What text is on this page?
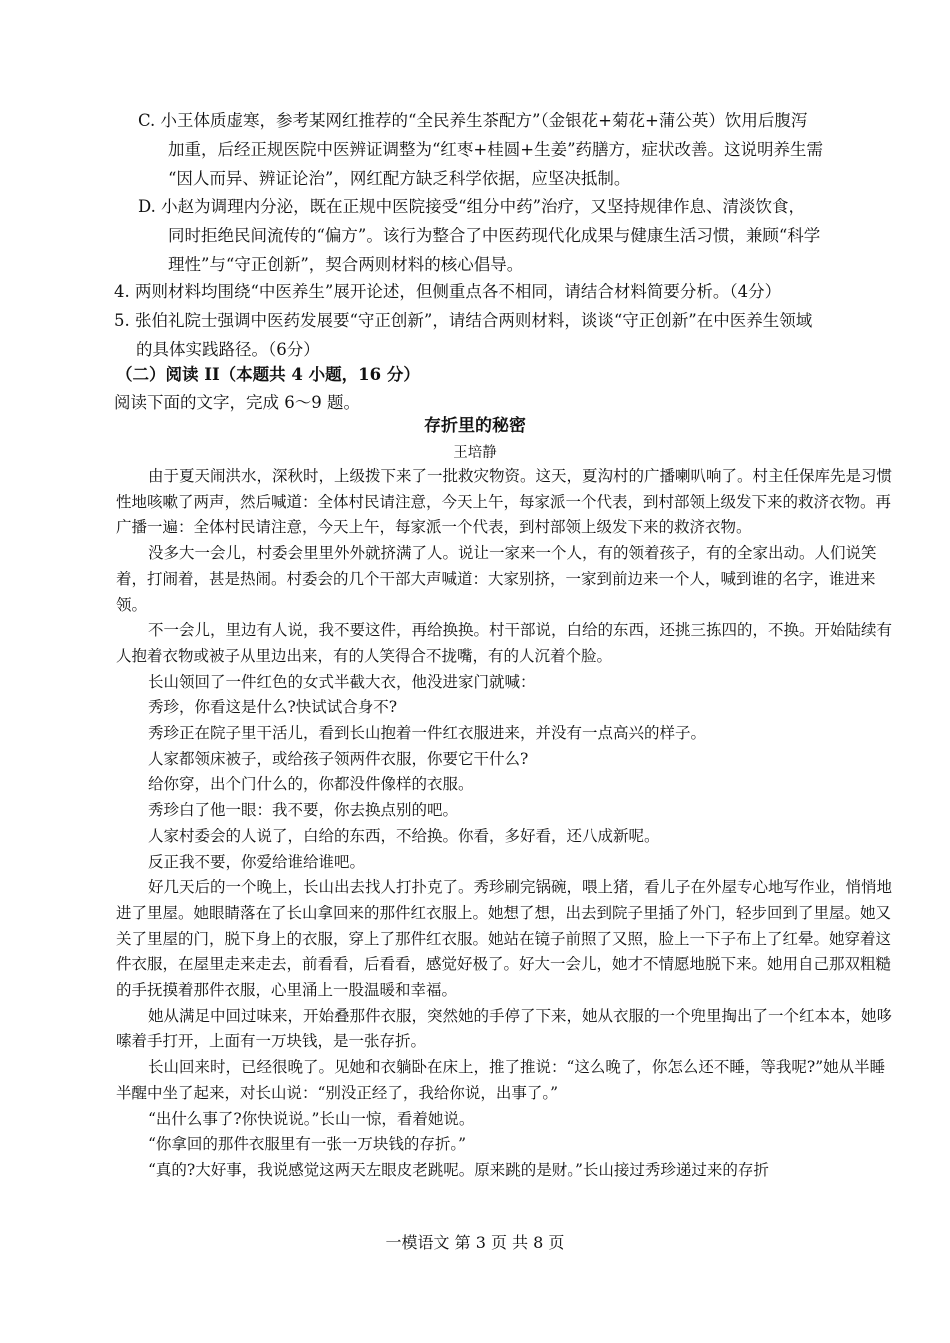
C. 小王体质虚寒，参考某网红推荐的“全民养生茶配方”（金银花+菊花+蒲公英）饮用后腹泻

加重，后经正规医院中医辨证调整为“红枣+桂圆+生姜”药膳方，症状改善。这说明养生需

“因人而异、辨证论治”，网红配方缺乏科学依据，应坚决抵制。

D. 小赵为调理内分泌，既在正规中医院接受“组分中药”治疗，又坚持规律作息、清淡饮食，

同时拒绝民间流传的“偏方”。该行为整合了中医药现代化成果与健康生活习惯，兼顾“科学

理性”与“守正创新”，契合两则材料的核心倡导。

4. 两则材料均围绕“中医养生”展开论述，但侧重点各不相同，请结合材料简要分析。（4分）

5. 张伯礼院士强调中医药发展要“守正创新”，请结合两则材料，谈谈“守正创新”在中医养生领域

的具体实践路径。（6分）

（二）阅读 II（本题共 4 小题，16 分）
阅读下面的文字，完成 6～9 题。
存折里的秘密
王培静

由于夏天闹洪水，深秋时，上级拨下来了一批救灾物资。这天，夏沟村的广播喇叭响了。村主任保库先是习惯性地咳嗽了两声，然后喊道：全体村民请注意，今天上午，每家派一个代表，到村部领上级发下来的救济衣物。再广播一遍：全体村民请注意，今天上午，每家派一个代表，到村部领上级发下来的救济衣物。

没多大一会儿，村委会里里外外就挤满了人。说让一家来一个人，有的领着孩子，有的全家出动。人们说笑着，打闹着，甚是热闹。村委会的几个干部大声喊道：大家别挤，一家到前边来一个人，喊到谁的名字，谁进来领。

不一会儿，里边有人说，我不要这件，再给换换。村干部说，白给的东西，还挑三拣四的，不换。开始陆续有人抱着衣物或被子从里边出来，有的人笑得合不拢嘴，有的人沉着个脸。

长山领回了一件红色的女式半截大衣，他没进家门就喊：

秀珍，你看这是什么?快试试合身不?

秀珍正在院子里干活儿，看到长山抱着一件红衣服进来，并没有一点高兴的样子。

人家都领床被子，或给孩子领两件衣服，你要它干什么?

给你穿，出个门什么的，你都没件像样的衣服。

秀珍白了他一眼：我不要，你去换点别的吧。

人家村委会的人说了，白给的东西，不给换。你看，多好看，还八成新呢。

反正我不要，你爱给谁给谁吧。

好几天后的一个晚上，长山出去找人打扑克了。秀珍刷完锅碗，喂上猪，看儿子在外屋专心地写作业，悄悄地进了里屋。她眼睛落在了长山拿回来的那件红衣服上。她想了想，出去到院子里插了外门，轻步回到了里屋。她又关了里屋的门，脱下身上的衣服，穿上了那件红衣服。她站在镜子前照了又照，脸上一下子布上了红晕。她穿着这件衣服，在屋里走来走去，前看看，后看看，感觉好极了。好大一会儿，她才不情愿地脱下来。她用自己那双粗糙的手抚摸着那件衣服，心里涌上一股温暖和幸福。

她从满足中回过味来，开始叠那件衣服，突然她的手停了下来，她从衣服的一个兜里掏出了一个红本本，她哆嗦着手打开，上面有一万块钱，是一张存折。

长山回来时，已经很晚了。见她和衣躺卧在床上，推了推说：“这么晚了，你怎么还不睡，等我呢?”她从半睡半醒中坐了起来，对长山说：“别没正经了，我给你说，出事了。”

“出什么事了?你快说说。”长山一惊，看着她说。

“你拿回的那件衣服里有一张一万块钱的存折。”

“真的?大好事，我说感觉这两天左眼皮老跳呢。原来跳的是财。”长山接过秀珍递过来的存折

一模语文 第 3 页 共 8 页
